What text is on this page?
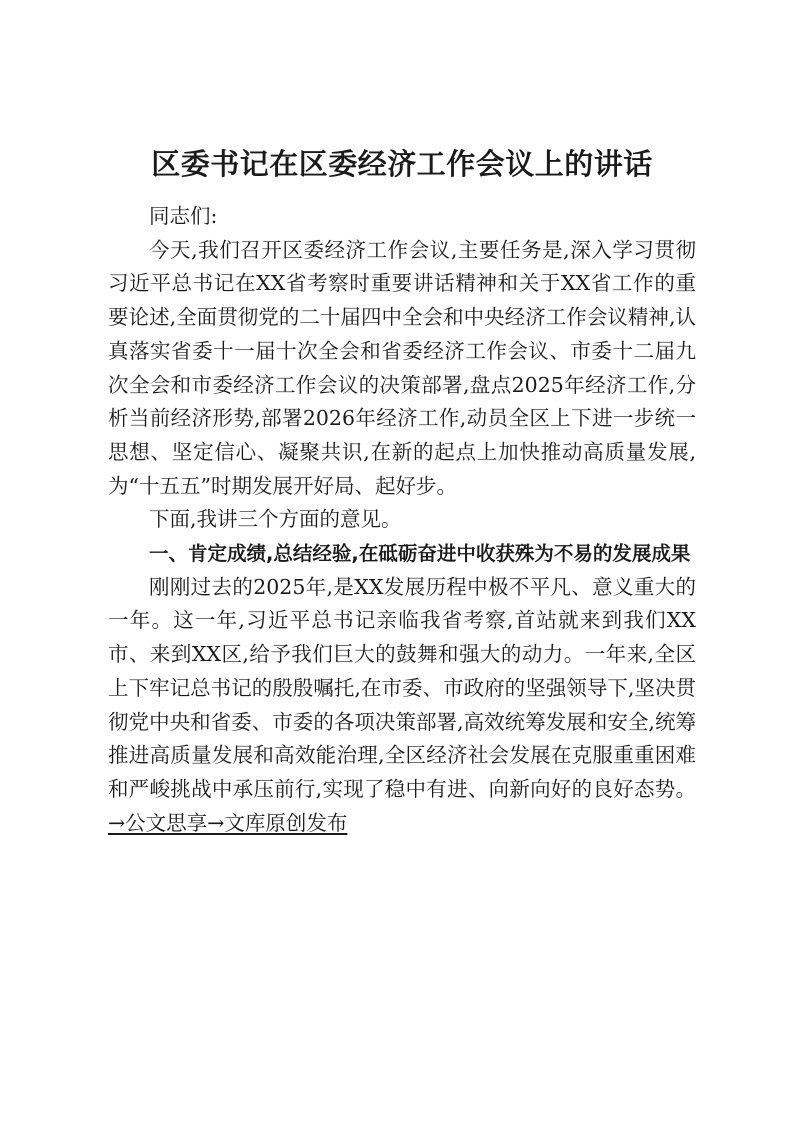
区委书记在区委经济工作会议上的讲话

同志们:

今天,我们召开区委经济工作会议,主要任务是,深入学习贯彻习近平总书记在XX省考察时重要讲话精神和关于XX省工作的重要论述,全面贯彻党的二十届四中全会和中央经济工作会议精神,认真落实省委十一届十次全会和省委经济工作会议、市委十二届九次全会和市委经济工作会议的决策部署,盘点2025年经济工作,分析当前经济形势,部署2026年经济工作,动员全区上下进一步统一思想、坚定信心、凝聚共识,在新的起点上加快推动高质量发展,为“十五五”时期发展开好局、起好步。

下面,我讲三个方面的意见。

一、肯定成绩,总结经验,在砥砺奋进中收获殊为不易的发展成果

刚刚过去的2025年,是XX发展历程中极不平凡、意义重大的一年。这一年,习近平总书记亲临我省考察,首站就来到我们XX市、来到XX区,给予我们巨大的鼓舞和强大的动力。一年来,全区上下牢记总书记的殷殷嘱托,在市委、市政府的坚强领导下,坚决贯彻党中央和省委、市委的各项决策部署,高效统筹发展和安全,统筹推进高质量发展和高效能治理,全区经济社会发展在克服重重困难和严峻挑战中承压前行,实现了稳中有进、向新向好的良好态势。→公文思享→文库原创发布
